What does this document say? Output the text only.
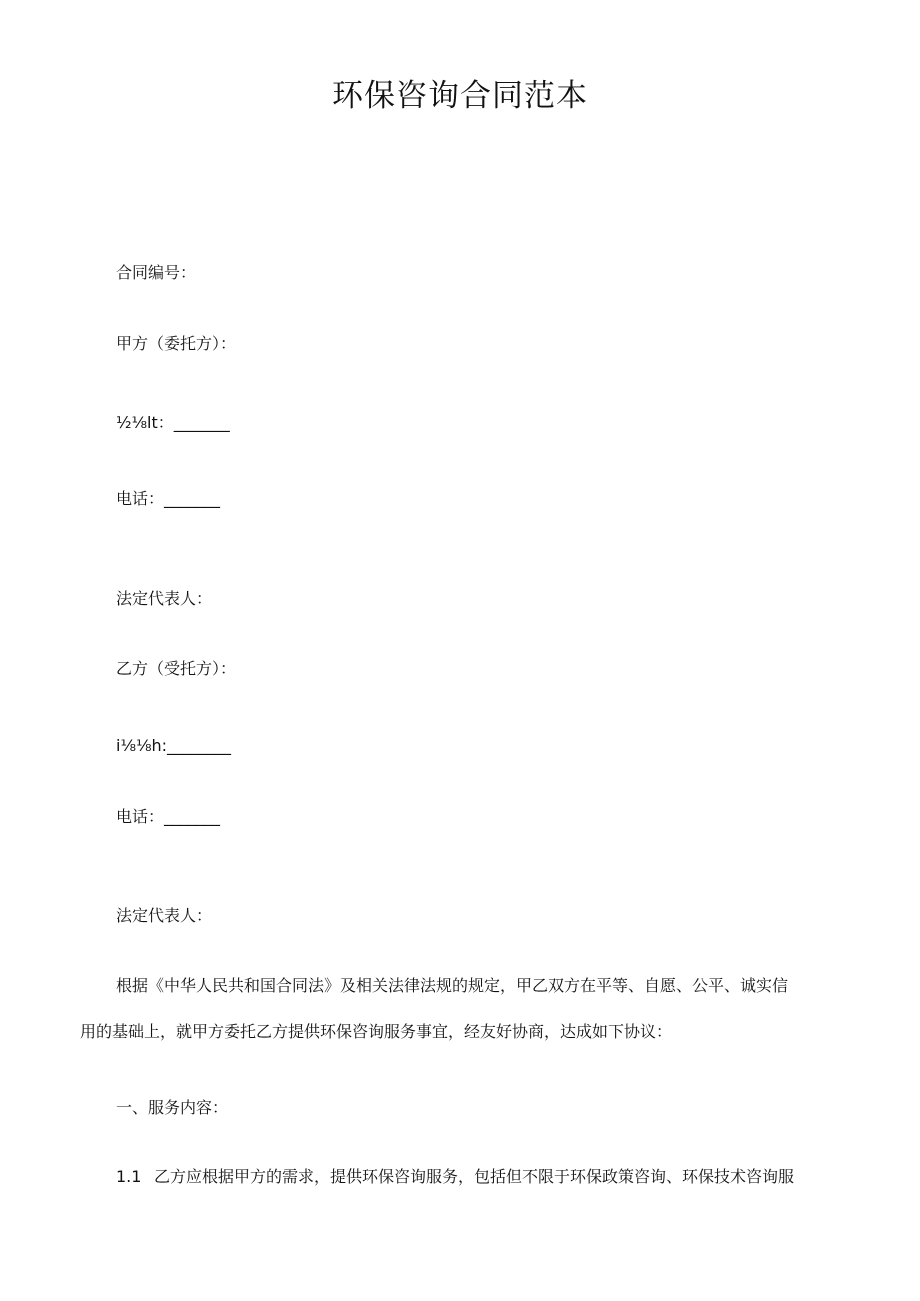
环保咨询合同范本

合同编号：

甲方（委托方）：

½⅛lt：_______

电话：_______

法定代表人：

乙方（受托方）：

i⅛⅛h:________

电话：_______

法定代表人：

根据《中华人民共和国合同法》及相关法律法规的规定，甲乙双方在平等、自愿、公平、诚实信
用的基础上，就甲方委托乙方提供环保咨询服务事宜，经友好协商，达成如下协议：

一、服务内容：

1.1 乙方应根据甲方的需求，提供环保咨询服务，包括但不限于环保政策咨询、环保技术咨询服
